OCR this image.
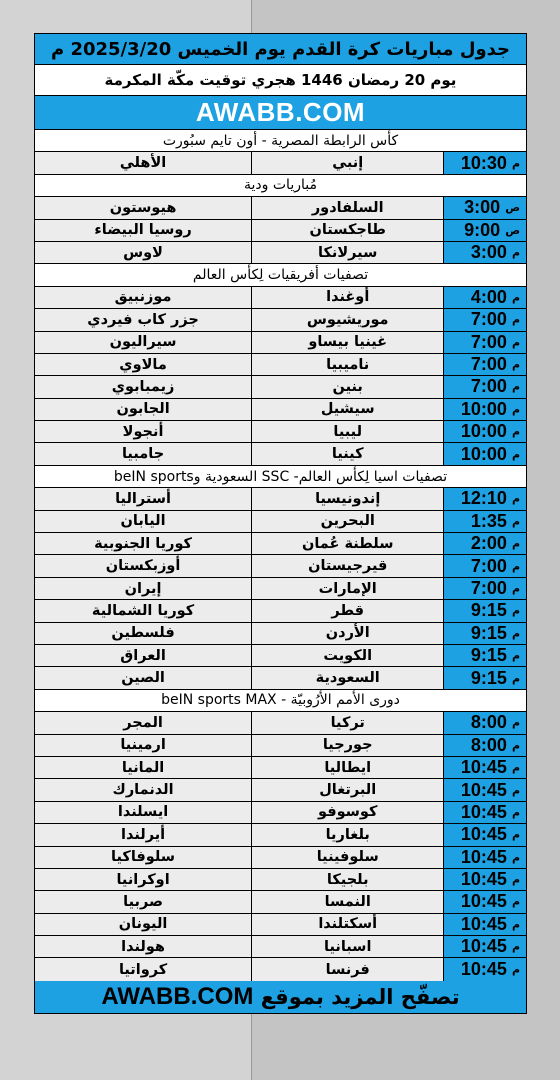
جدول مباريات كرة القدم يوم الخميس 2025/3/20 م
يوم 20 رمضان 1446 هجري توقيت مكّة المكرمة
AWABB.COM
كأس الرابطة المصرية - أون تايم سبُورت
الأهلي	إنبي	10:30 م
مُباريات ودية
هيوستون	السلفادور	3:00 ص
روسيا البيضاء	طاجكستان	9:00 ص
لاوس	سيرلانكا	3:00 م
تصفيات أفريقيات لِكأس العالم
موزنبيق	أوغندا	4:00 م
جزر كاب فيردي	موريشيوس	7:00 م
سيراليون	غينيا بيساو	7:00 م
مالاوي	ناميبيا	7:00 م
زيمبابوي	بنين	7:00 م
الجابون	سيشيل	10:00 م
أنجولا	ليبيا	10:00 م
جامبيا	كينيا	10:00 م
تصفيات اسيا لِكأس العالم- SSC السعودية وbeIN sports
أستراليا	إندونيسيا	12:10 م
اليابان	البحرين	1:35 م
كوريا الجنوبية	سلطنة عُمان	2:00 م
أوزبكستان	قيرجيستان	7:00 م
إيران	الإمارات	7:00 م
كوريا الشمالية	قطر	9:15 م
فلسطين	الأردن	9:15 م
العراق	الكويت	9:15 م
الصين	السعودية	9:15 م
دورى الأمم الأرُوبيّة - beIN sports MAX
المجر	تركيا	8:00 م
ارمينيا	جورجيا	8:00 م
المانيا	ايطاليا	10:45 م
الدنمارك	البرتغال	10:45 م
ايسلندا	كوسوفو	10:45 م
أيرلندا	بلغاريا	10:45 م
سلوفاكيا	سلوفينيا	10:45 م
اوكرانيا	بلجيكا	10:45 م
صربيا	النمسا	10:45 م
اليونان	أسكتلندا	10:45 م
هولندا	اسبانيا	10:45 م
كرواتيا	فرنسا	10:45 م
تصفّح المزيد بموقع

AWABB.COM
